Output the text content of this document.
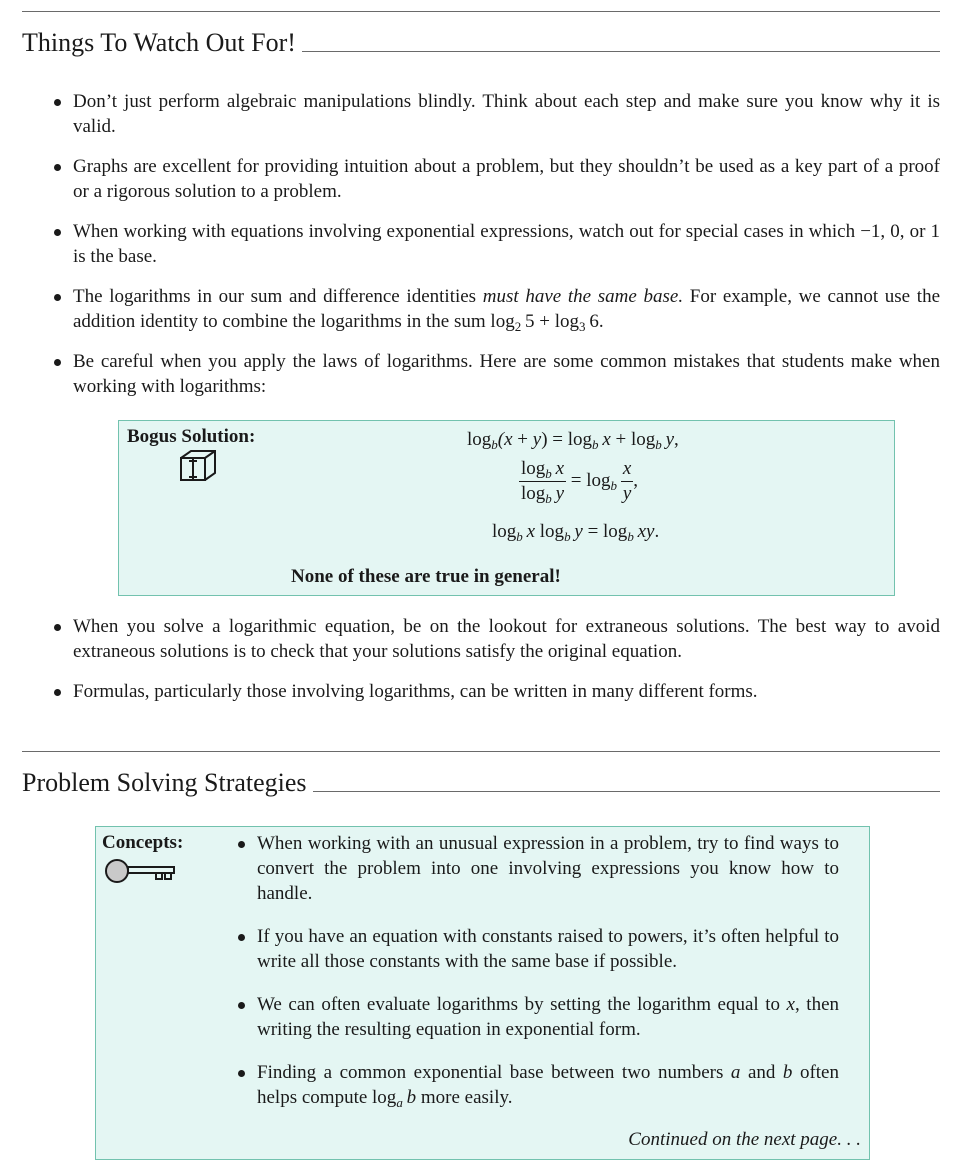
Things To Watch Out For!
Don’t just perform algebraic manipulations blindly. Think about each step and make sure you know why it is valid.
Graphs are excellent for providing intuition about a problem, but they shouldn’t be used as a key part of a proof or a rigorous solution to a problem.
When working with equations involving exponential expressions, watch out for special cases in which −1, 0, or 1 is the base.
The logarithms in our sum and difference identities must have the same base. For example, we cannot use the addition identity to combine the logarithms in the sum $\log_2 5 + \log_3 6$.
Be careful when you apply the laws of logarithms. Here are some common mistakes that students make when working with logarithms:
Bogus Solution:	$\log_b(x + y) = \log_b x + \log_b y$,
$\frac{\log_b x}{\log_b y} = \log_b \frac{x}{y}$ ,
$\log_b x$ $\log_b y = \log_b$  xy.
None of these are true in general!
When you solve a logarithmic equation, be on the lookout for extraneous solutions. The best way to avoid extraneous solutions is to check that your solutions satisfy the original equation.
Formulas, particularly those involving logarithms, can be written in many different forms.
Problem Solving Strategies
Concepts:	When working with an unusual expression in a problem, try to find ways to convert the problem into one involving expressions you know how to handle.
If you have an equation with constants raised to powers, it’s often helpful to write all those constants with the same base if possible.
We can often evaluate logarithms by setting the logarithm equal to x, then writing the resulting equation in exponential form.
Finding a common exponential base between two numbers a and b often helps compute $\log_a b$ more easily.
Continued on the next page. . .
